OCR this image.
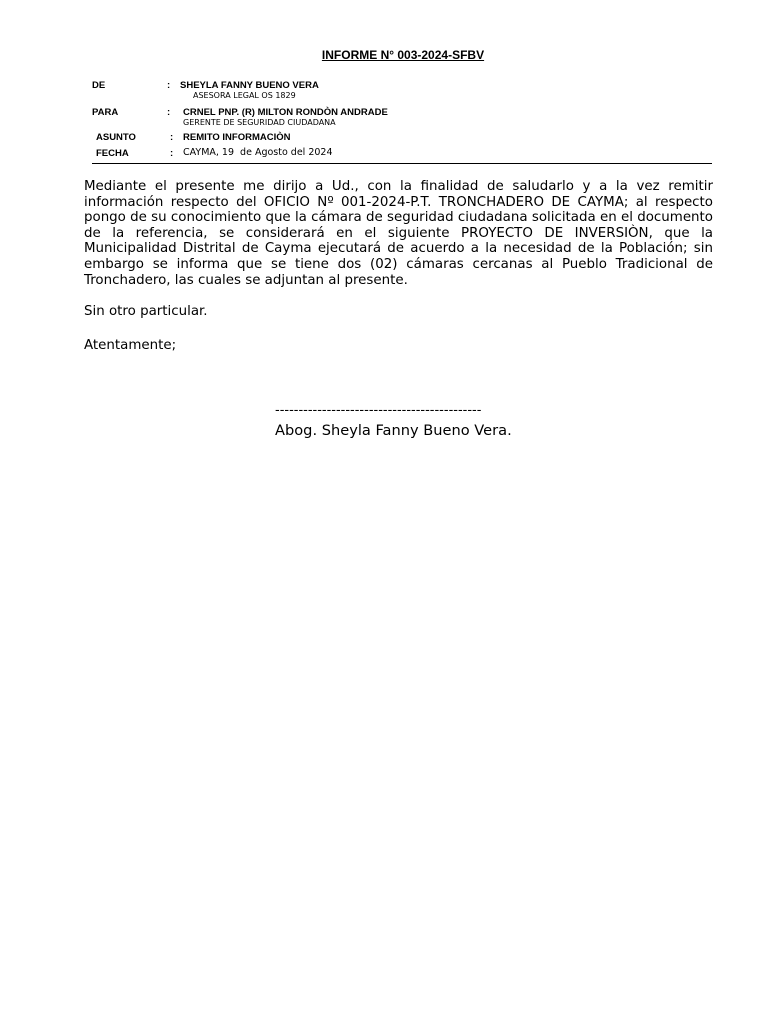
INFORME N° 003-2024-SFBV
DE	: SHEYLA FANNY BUENO VERA
ASESORA LEGAL OS 1829
PARA	: CRNEL PNP. (R) MILTON RONDÒN ANDRADE
GERENTE DE SEGURIDAD CIUDADANA
ASUNTO	: REMITO INFORMACIÒN
FECHA	: CAYMA, 19  de Agosto del 2024
Mediante el presente me dirijo a Ud., con la finalidad de saludarlo y a la vez remitir información respecto del OFICIO Nº 001-2024-P.T. TRONCHADERO DE CAYMA; al respecto pongo de su conocimiento que la cámara de seguridad ciudadana solicitada en el documento de la referencia, se considerará en el siguiente PROYECTO DE INVERSIÒN, que la Municipalidad Distrital de Cayma ejecutará de acuerdo a la necesidad de la Población; sin embargo se informa que se tiene dos (02) cámaras cercanas al Pueblo Tradicional de Tronchadero, las cuales se adjuntan al presente.
Sin otro particular.
Atentamente;
--------------------------------------------
Abog. Sheyla Fanny Bueno Vera.
